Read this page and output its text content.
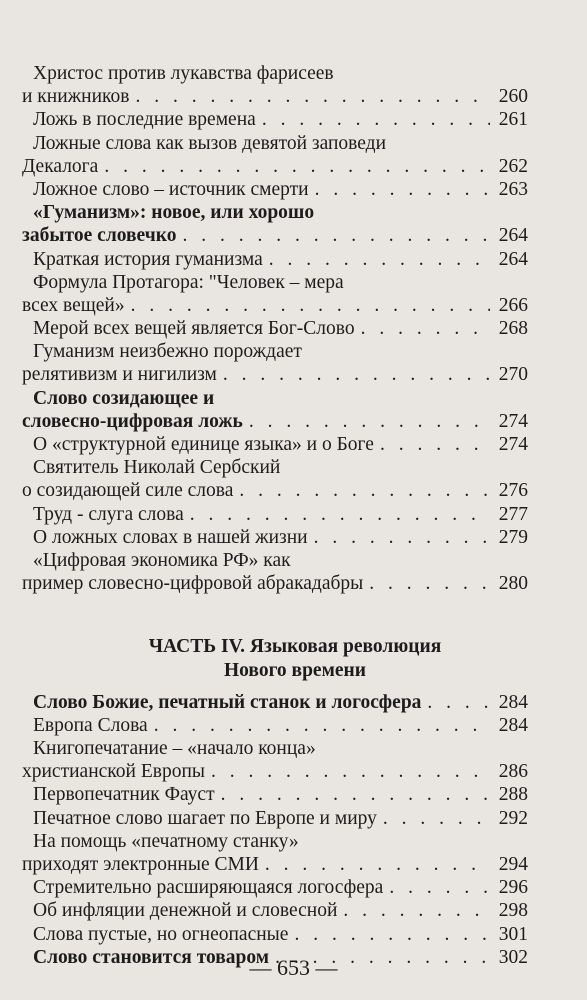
Христос против лукавства фарисеев
и книжников . . .	260
Ложь в последние времена . . .	261
Ложные слова как вызов девятой заповеди
Декалога . . .	262
Ложное слово – источник смерти . . .	263
«Гуманизм»: новое, или хорошо
забытое словечко . . .	264
Краткая история гуманизма . . .	264
Формула Протагора: "Человек – мера
всех вещей» . . .	266
Мерой всех вещей является Бог-Слово . . .	268
Гуманизм неизбежно порождает
релятивизм и нигилизм . . .	270
Слово созидающее и
словесно-цифровая ложь . . .	274
О «структурной единице языка» и о Боге . . .	274
Святитель Николай Сербский
о созидающей силе слова . . .	276
Труд - слуга слова . . .	277
О ложных словах в нашей жизни . . .	279
«Цифровая экономика РФ» как
пример словесно-цифровой абракадабры . . .	280
ЧАСТЬ IV. Языковая революция
Нового времени
Слово Божие, печатный станок и логосфера . . .	284
Европа Слова . . .	284
Книгопечатание – «начало конца»
христианской Европы . . .	286
Первопечатник Фауст . . .	288
Печатное слово шагает по Европе и миру . . .	292
На помощь «печатному станку»
приходят электронные СМИ . . .	294
Стремительно расширяющаяся логосфера . . .	296
Об инфляции денежной и словесной . . .	298
Слова пустые, но огнеопасные . . .	301
Слово становится товаром . . .	302
— 653 —
